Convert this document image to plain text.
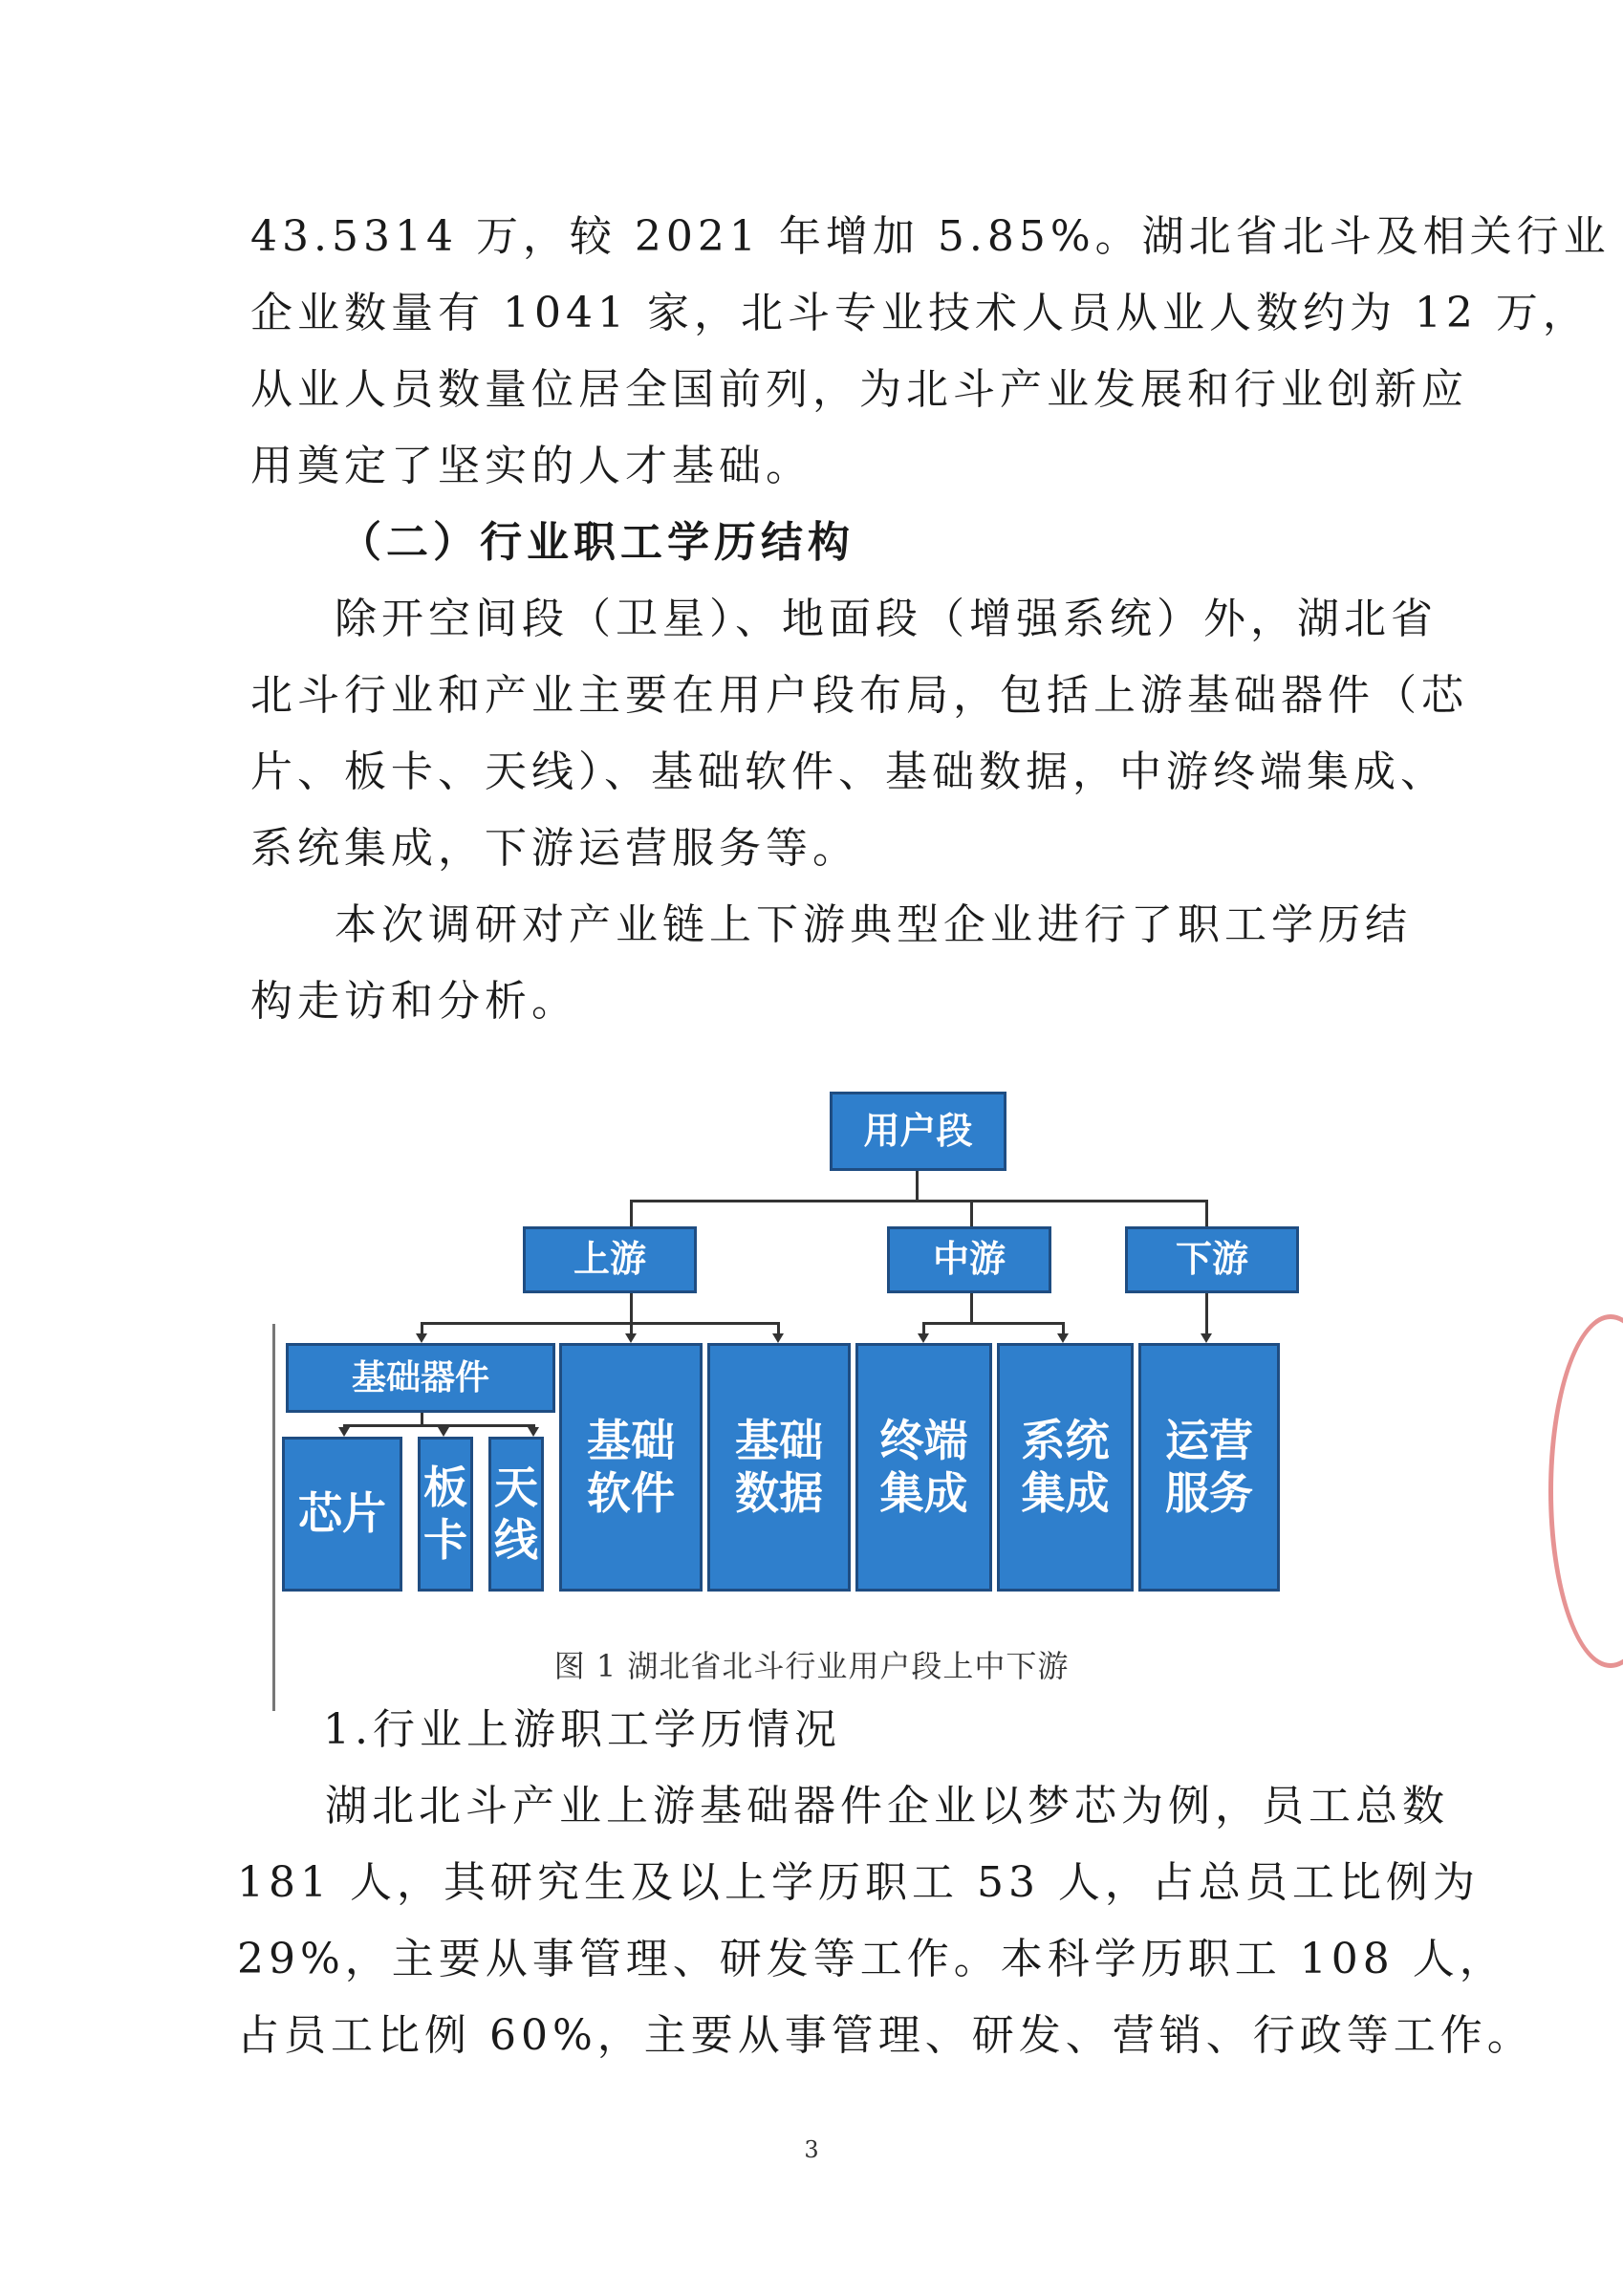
43.5314 万，较 2021 年增加 5.85%。湖北省北斗及相关行业
企业数量有 1041 家，北斗专业技术人员从业人数约为 12 万，
从业人员数量位居全国前列，为北斗产业发展和行业创新应
用奠定了坚实的人才基础。
（二）行业职工学历结构
除开空间段（卫星）、地面段（增强系统）外，湖北省
北斗行业和产业主要在用户段布局，包括上游基础器件（芯
片、板卡、天线）、基础软件、基础数据，中游终端集成、
系统集成，下游运营服务等。
本次调研对产业链上下游典型企业进行了职工学历结
构走访和分析。
用户段
上游	中游	下游
基础器件
芯片
板
卡
天
线
基础
软件
基础
数据
终端
集成
系统
集成
运营
服务
图 1 湖北省北斗行业用户段上中下游
1.行业上游职工学历情况
湖北北斗产业上游基础器件企业以梦芯为例，员工总数
181 人，其研究生及以上学历职工 53 人，占总员工比例为
29%，主要从事管理、研发等工作。本科学历职工 108 人，
占员工比例 60%，主要从事管理、研发、营销、行政等工作。
3
